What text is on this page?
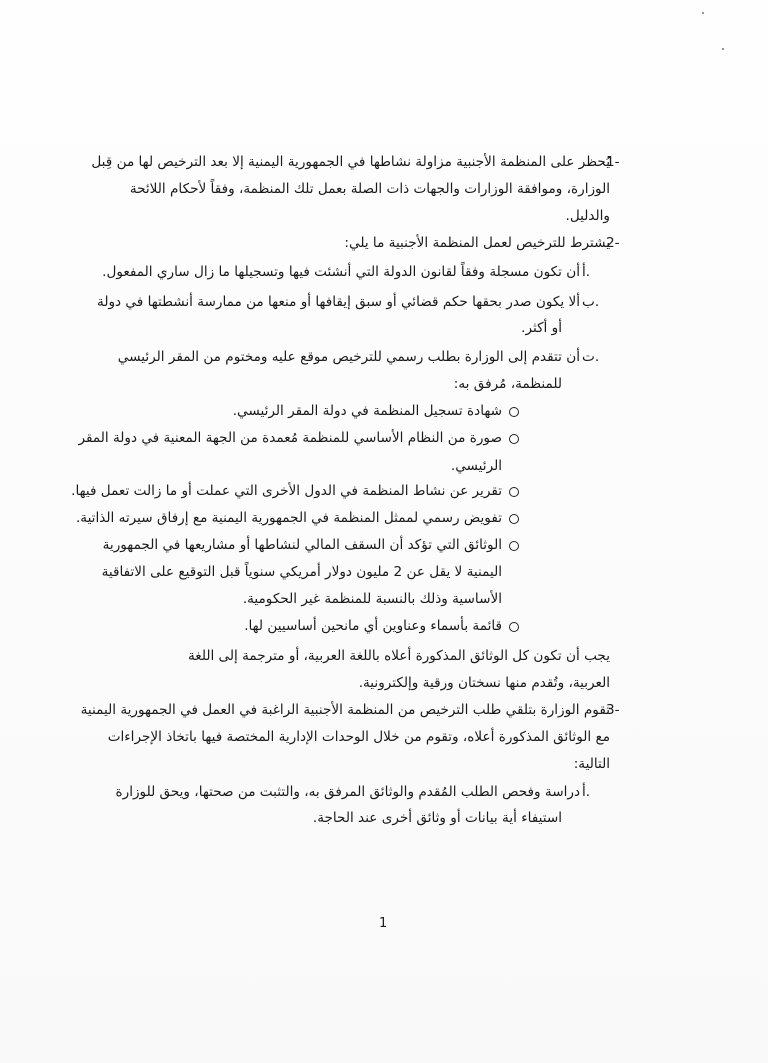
1-
يُحظر على المنظمة الأجنبية مزاولة نشاطها في الجمهورية اليمنية إلا بعد الترخيص لها من قِبل
الوزارة، وموافقة الوزارات والجهات ذات الصلة بعمل تلك المنظمة، وفقاً لأحكام اللائحة
والدليل.
2-
يشترط للترخيص لعمل المنظمة الأجنبية ما يلي:
أ.
أن تكون مسجلة وفقاً لقانون الدولة التي أنشئت فيها وتسجيلها ما زال ساري المفعول.
ب.
ألا يكون صدر بحقها حكم قضائي أو سبق إيقافها أو منعها من ممارسة أنشطتها في دولة
أو أكثر.
ت.
أن تتقدم إلى الوزارة بطلب رسمي للترخيص موقع عليه ومختوم من المقر الرئيسي
للمنظمة، مُرفق به:
شهادة تسجيل المنظمة في دولة المقر الرئيسي.
صورة من النظام الأساسي للمنظمة مُعمدة من الجهة المعنية في دولة المقر
الرئيسي.
تقرير عن نشاط المنظمة في الدول الأخرى التي عملت أو ما زالت تعمل فيها.
تفويض رسمي لممثل المنظمة في الجمهورية اليمنية مع إرفاق سيرته الذاتية.
الوثائق التي تؤكد أن السقف المالي لنشاطها أو مشاريعها في الجمهورية
اليمنية لا يقل عن 2 مليون دولار أمريكي سنوياً قبل التوقيع على الاتفاقية
الأساسية وذلك بالنسبة للمنظمة غير الحكومية.
قائمة بأسماء وعناوين أي مانحين أساسيين لها.
يجب أن تكون كل الوثائق المذكورة أعلاه باللغة العربية، أو مترجمة إلى اللغة
العربية، وتُقدم منها نسختان ورقية وإلكترونية.
3-
تقوم الوزارة بتلقي طلب الترخيص من المنظمة الأجنبية الراغبة في العمل في الجمهورية اليمنية
مع الوثائق المذكورة أعلاه، وتقوم من خلال الوحدات الإدارية المختصة فيها باتخاذ الإجراءات
التالية:
أ.
دراسة وفحص الطلب المُقدم والوثائق المرفق به، والتثبت من صحتها، ويحق للوزارة
استيفاء أية بيانات أو وثائق أخرى عند الحاجة.
1
